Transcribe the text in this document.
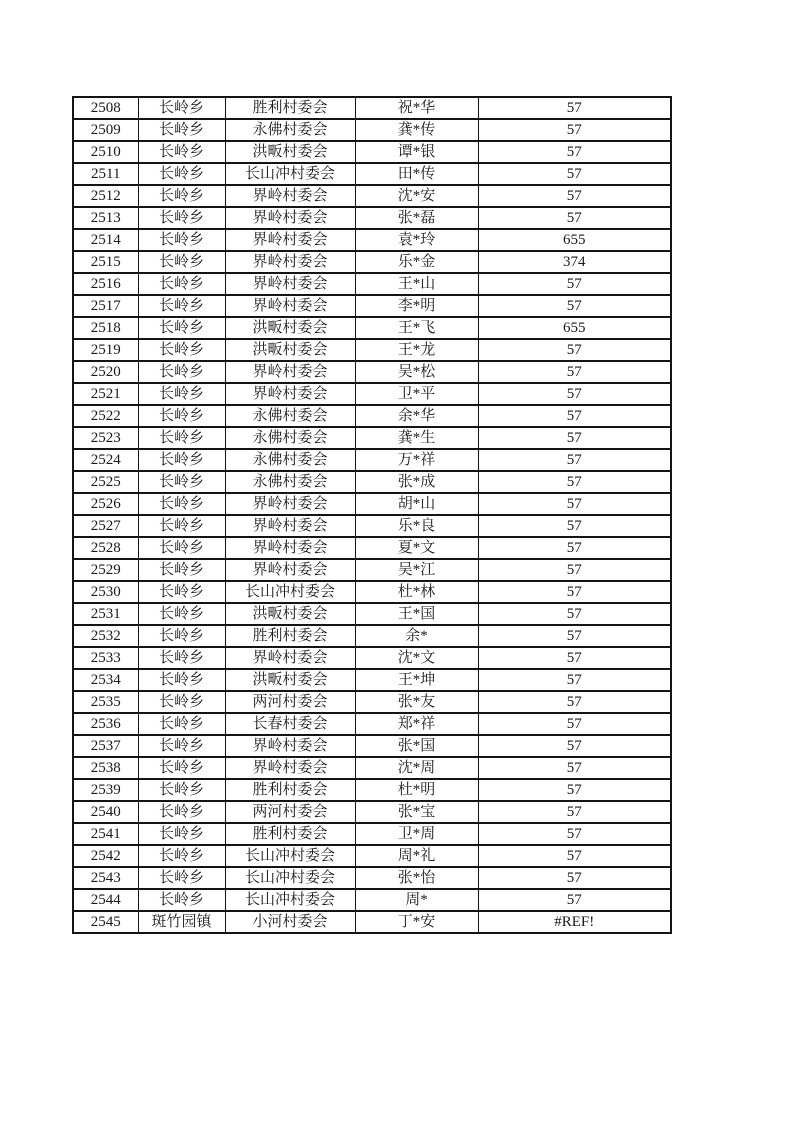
2508	长岭乡	胜利村委会	祝*华	57
2509	长岭乡	永佛村委会	龚*传	57
2510	长岭乡	洪畈村委会	谭*银	57
2511	长岭乡	长山冲村委会	田*传	57
2512	长岭乡	界岭村委会	沈*安	57
2513	长岭乡	界岭村委会	张*磊	57
2514	长岭乡	界岭村委会	袁*玲	655
2515	长岭乡	界岭村委会	乐*金	374
2516	长岭乡	界岭村委会	王*山	57
2517	长岭乡	界岭村委会	李*明	57
2518	长岭乡	洪畈村委会	王*飞	655
2519	长岭乡	洪畈村委会	王*龙	57
2520	长岭乡	界岭村委会	吴*松	57
2521	长岭乡	界岭村委会	卫*平	57
2522	长岭乡	永佛村委会	余*华	57
2523	长岭乡	永佛村委会	龚*生	57
2524	长岭乡	永佛村委会	万*祥	57
2525	长岭乡	永佛村委会	张*成	57
2526	长岭乡	界岭村委会	胡*山	57
2527	长岭乡	界岭村委会	乐*良	57
2528	长岭乡	界岭村委会	夏*文	57
2529	长岭乡	界岭村委会	吴*江	57
2530	长岭乡	长山冲村委会	杜*林	57
2531	长岭乡	洪畈村委会	王*国	57
2532	长岭乡	胜利村委会	余*	57
2533	长岭乡	界岭村委会	沈*文	57
2534	长岭乡	洪畈村委会	王*坤	57
2535	长岭乡	两河村委会	张*友	57
2536	长岭乡	长春村委会	郑*祥	57
2537	长岭乡	界岭村委会	张*国	57
2538	长岭乡	界岭村委会	沈*周	57
2539	长岭乡	胜利村委会	杜*明	57
2540	长岭乡	两河村委会	张*宝	57
2541	长岭乡	胜利村委会	卫*周	57
2542	长岭乡	长山冲村委会	周*礼	57
2543	长岭乡	长山冲村委会	张*怡	57
2544	长岭乡	长山冲村委会	周*	57
2545	斑竹园镇	小河村委会	丁*安	#REF!
